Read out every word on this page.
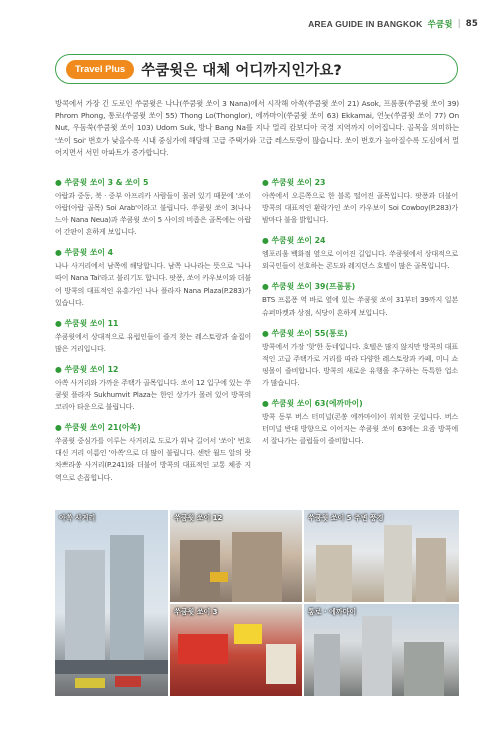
AREA GUIDE IN BANGKOK 쑤쿰윗 | 85
Travel Plus	쑤쿰윗은 대체 어디까지인가요?

방콕에서 가장 긴 도로인 쑤쿰윗은 나나(쑤쿰윗 쏘이 3 Nana)에서 시작해 아쏙(쑤쿰윗 쏘이 21) Asok, 프롬퐁(쑤쿰윗 쏘이 39) Phrom Phong, 통로(쑤쿰윗 쏘이 55) Thong Lo(Thonglor), 에까마이(쑤쿰윗 쏘이 63) Ekkamai, 언눗(쑤쿰윗 쏘이 77) On Nut, 우돔쑥(쑤쿰윗 쏘이 103) Udom Suk, 방나 Bang Na를 지나 멀리 캄보디아 국경 지역까지 이어집니다. 골목을 의미하는 '쏘이 Soi' 번호가 낮을수록 시내 중심가에 해당해 고급 주택가와 고급 레스토랑이 많습니다. 쏘이 번호가 높아질수록 도심에서 멀어지면서 서민 아파트가 증가합니다.

● 쑤쿰윗 쏘이 3 & 쏘이 5

아랍과 중동, 북 · 중부 아프리카 사람들이 몰려 있기 때문에 '쏘이 아랍(아랍 골목) Soi Arab'이라고 불립니다. 쑤쿰윗 쏘이 3(나나 느아 Nana Neua)과 쑤쿰윗 쏘이 5 사이의 비좁은 골목에는 아랍어 간판이 흔하게 보입니다.

● 쑤쿰윗 쏘이 4

나나 사거리에서 남쪽에 해당합니다. 남쪽 나나라는 뜻으로 '나나 따이 Nana Tai'라고 불리기도 합니다. 팟퐁, 쏘이 카우보이와 더불어 방콕의 대표적인 유흥가인 나나 플라자 Nana Plaza(P.283)가 있습니다.

● 쑤쿰윗 쏘이 11

쑤쿰윗에서 상대적으로 유럽인들이 즐겨 찾는 레스토랑과 술집이 많은 거리입니다.

● 쑤쿰윗 쏘이 12

아쏙 사거리와 가까운 주택가 골목입니다. 쏘이 12 입구에 있는 쑤쿰윗 플라자 Sukhumvit Plaza는 한인 상가가 몰려 있어 방콕의 코리아 타운으로 불립니다.

● 쑤쿰윗 쏘이 21(아쏙)

쑤쿰윗 중심가를 이루는 사거리로 도로가 워낙 길어서 '쏘이' 번호 대신 거리 이름인 '아쏙'으로 더 많이 불립니다. 센탄 월드 앞의 랏차쁘라쏭 사거리(P.241)와 더불어 방콕의 대표적인 교통 체증 지역으로 손꼽힙니다.

● 쑤쿰윗 쏘이 23

아쏙에서 오른쪽으로 한 블록 떨어진 골목입니다. 팟퐁과 더불어 방콕의 대표적인 환락가인 쏘이 카우보이 Soi Cowboy(P.283)가 밤마다 불을 밝힙니다.

● 쑤쿰윗 쏘이 24

엠포리움 백화점 옆으로 이어진 길입니다. 쑤쿰윗에서 상대적으로 외국인들이 선호하는 콘도와 레지던스 호텔이 많은 골목입니다.

● 쑤쿰윗 쏘이 39(프롬퐁)

BTS 프롬퐁 역 바로 옆에 있는 쑤쿰윗 쏘이 31부터 39까지 일본 슈퍼마켓과 상점, 식당이 흔하게 보입니다.

● 쑤쿰윗 쏘이 55(통로)

방콕에서 가장 '핫'한 동네입니다. 호텔은 많지 않지만 방콕의 대표적인 고급 주택가로 거리를 따라 다양한 레스토랑과 카페, 미니 쇼핑몰이 즐비합니다. 방콕의 새로운 유행을 추구하는 독특한 업소가 많습니다.

● 쑤쿰윗 쏘이 63(에까마이)

방콕 동부 버스 터미널(콘쏭 에까마이)이 위치한 곳입니다. 버스 터미널 반대 방향으로 이어지는 쑤쿰윗 쏘이 63에는 요즘 방콕에서 잘나가는 클럽들이 즐비합니다.

아쏙 사거리	쑤쿰윗 쏘이 12	쑤쿰윗 쏘이 5 주변 풍경
쑤쿰윗 쏘이 3	통로 · 에까마이
